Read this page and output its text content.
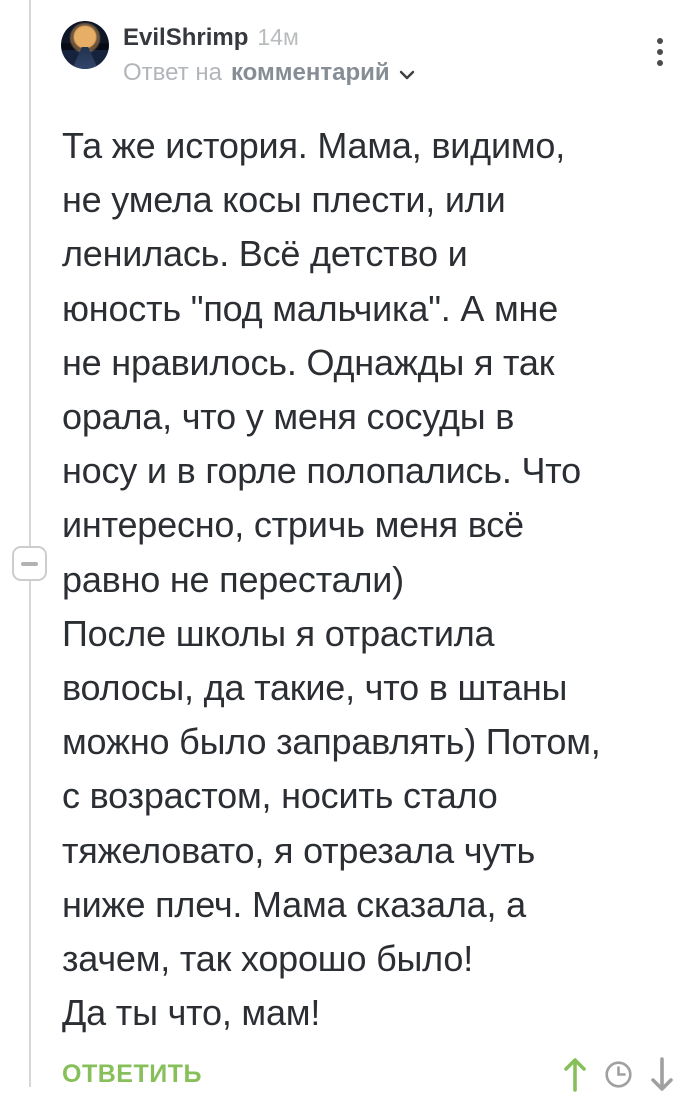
EvilShrimp 14м
Ответ на комментарий
Та же история. Мама, видимо,
не умела косы плести, или
ленилась. Всё детство и
юность "под мальчика". А мне
не нравилось. Однажды я так
орала, что у меня сосуды в
носу и в горле полопались. Что
интересно, стричь меня всё
равно не перестали)
После школы я отрастила
волосы, да такие, что в штаны
можно было заправлять) Потом,
с возрастом, носить стало
тяжеловато, я отрезала чуть
ниже плеч. Мама сказала, а
зачем, так хорошо было!
Да ты что, мам!
ОТВЕТИТЬ
